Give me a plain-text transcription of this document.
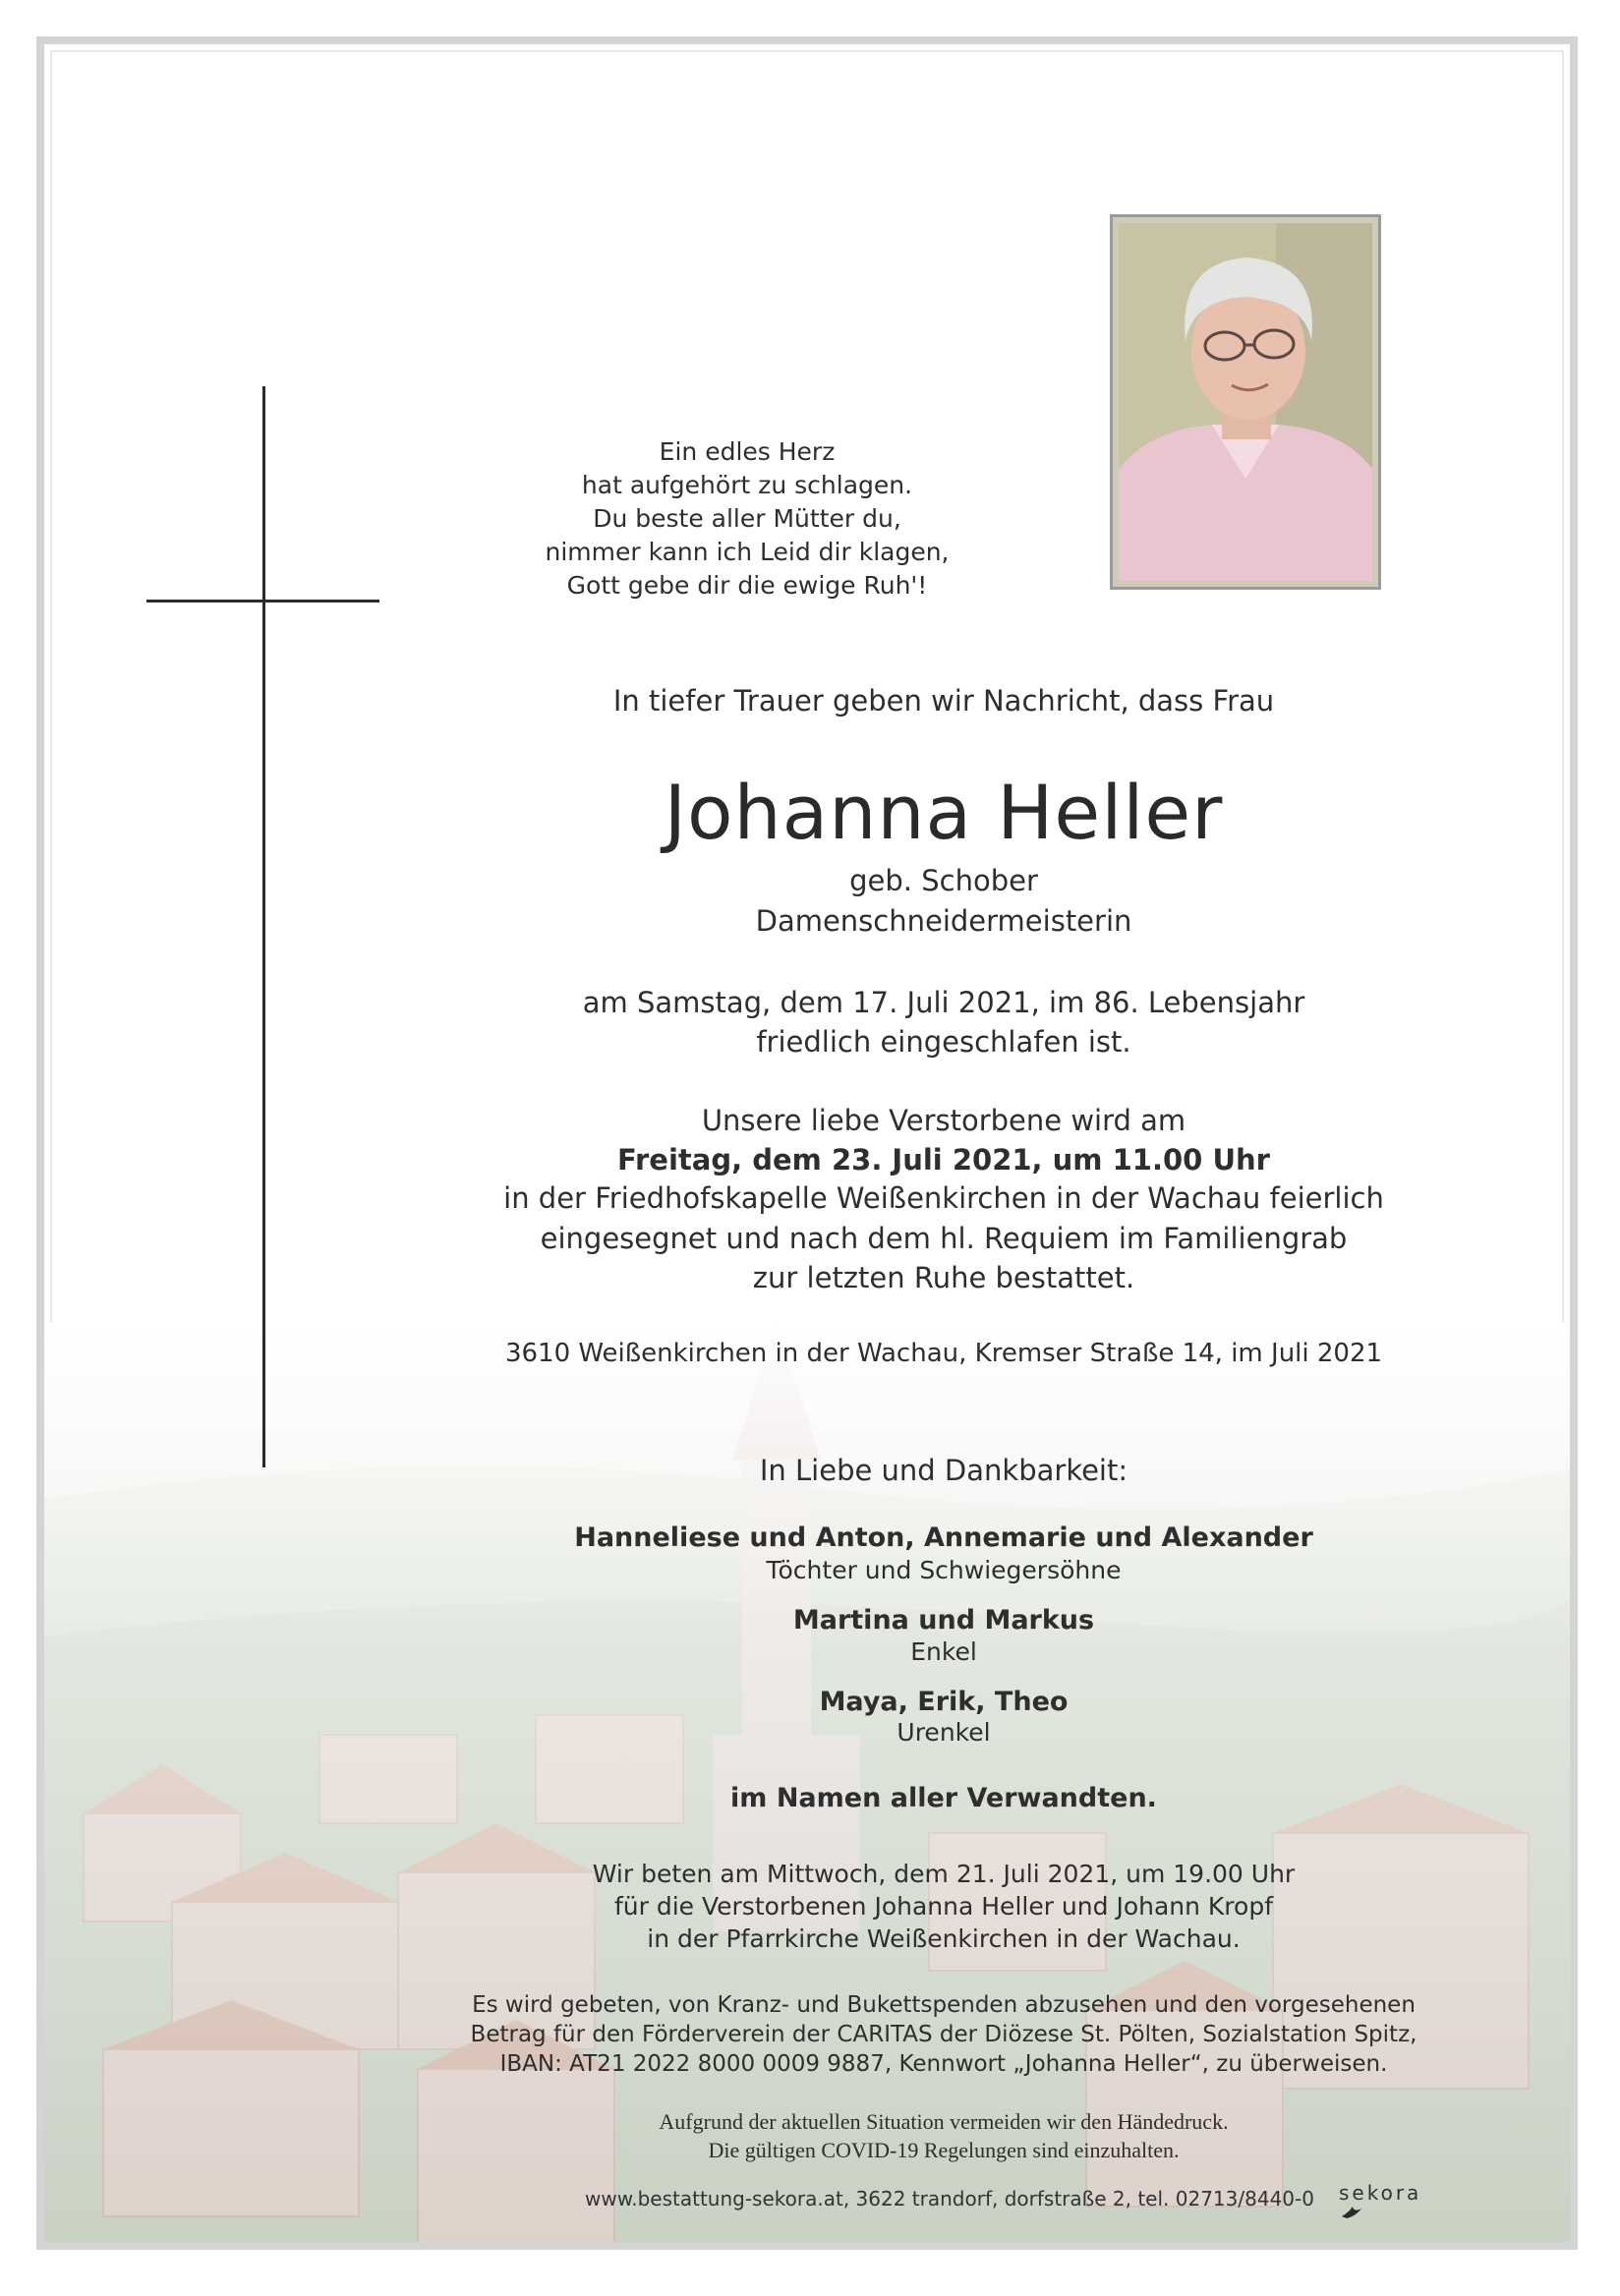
Ein edles Herz
hat aufgehört zu schlagen.
Du beste aller Mütter du,
nimmer kann ich Leid dir klagen,
Gott gebe dir die ewige Ruh'!
In tiefer Trauer geben wir Nachricht, dass Frau
Johanna Heller
geb. Schober
Damenschneidermeisterin
am Samstag, dem 17. Juli 2021, im 86. Lebensjahr
friedlich eingeschlafen ist.
Unsere liebe Verstorbene wird am
Freitag, dem 23. Juli 2021, um 11.00 Uhr
in der Friedhofskapelle Weißenkirchen in der Wachau feierlich
eingesegnet und nach dem hl. Requiem im Familiengrab
zur letzten Ruhe bestattet.
3610 Weißenkirchen in der Wachau, Kremser Straße 14, im Juli 2021
In Liebe und Dankbarkeit:
Hanneliese und Anton, Annemarie und Alexander
Töchter und Schwiegersöhne
Martina und Markus
Enkel
Maya, Erik, Theo
Urenkel
im Namen aller Verwandten.
Wir beten am Mittwoch, dem 21. Juli 2021, um 19.00 Uhr
für die Verstorbenen Johanna Heller und Johann Kropf
in der Pfarrkirche Weißenkirchen in der Wachau.
Es wird gebeten, von Kranz- und Bukettspenden abzusehen und den vorgesehenen
Betrag für den Förderverein der CARITAS der Diözese St. Pölten, Sozialstation Spitz,
IBAN: AT21 2022 8000 0009 9887, Kennwort „Johanna Heller“, zu überweisen.
Aufgrund der aktuellen Situation vermeiden wir den Händedruck.
Die gültigen COVID-19 Regelungen sind einzuhalten.
www.bestattung-sekora.at, 3622 trandorf, dorfstraße 2, tel. 02713/8440-0 sekora
